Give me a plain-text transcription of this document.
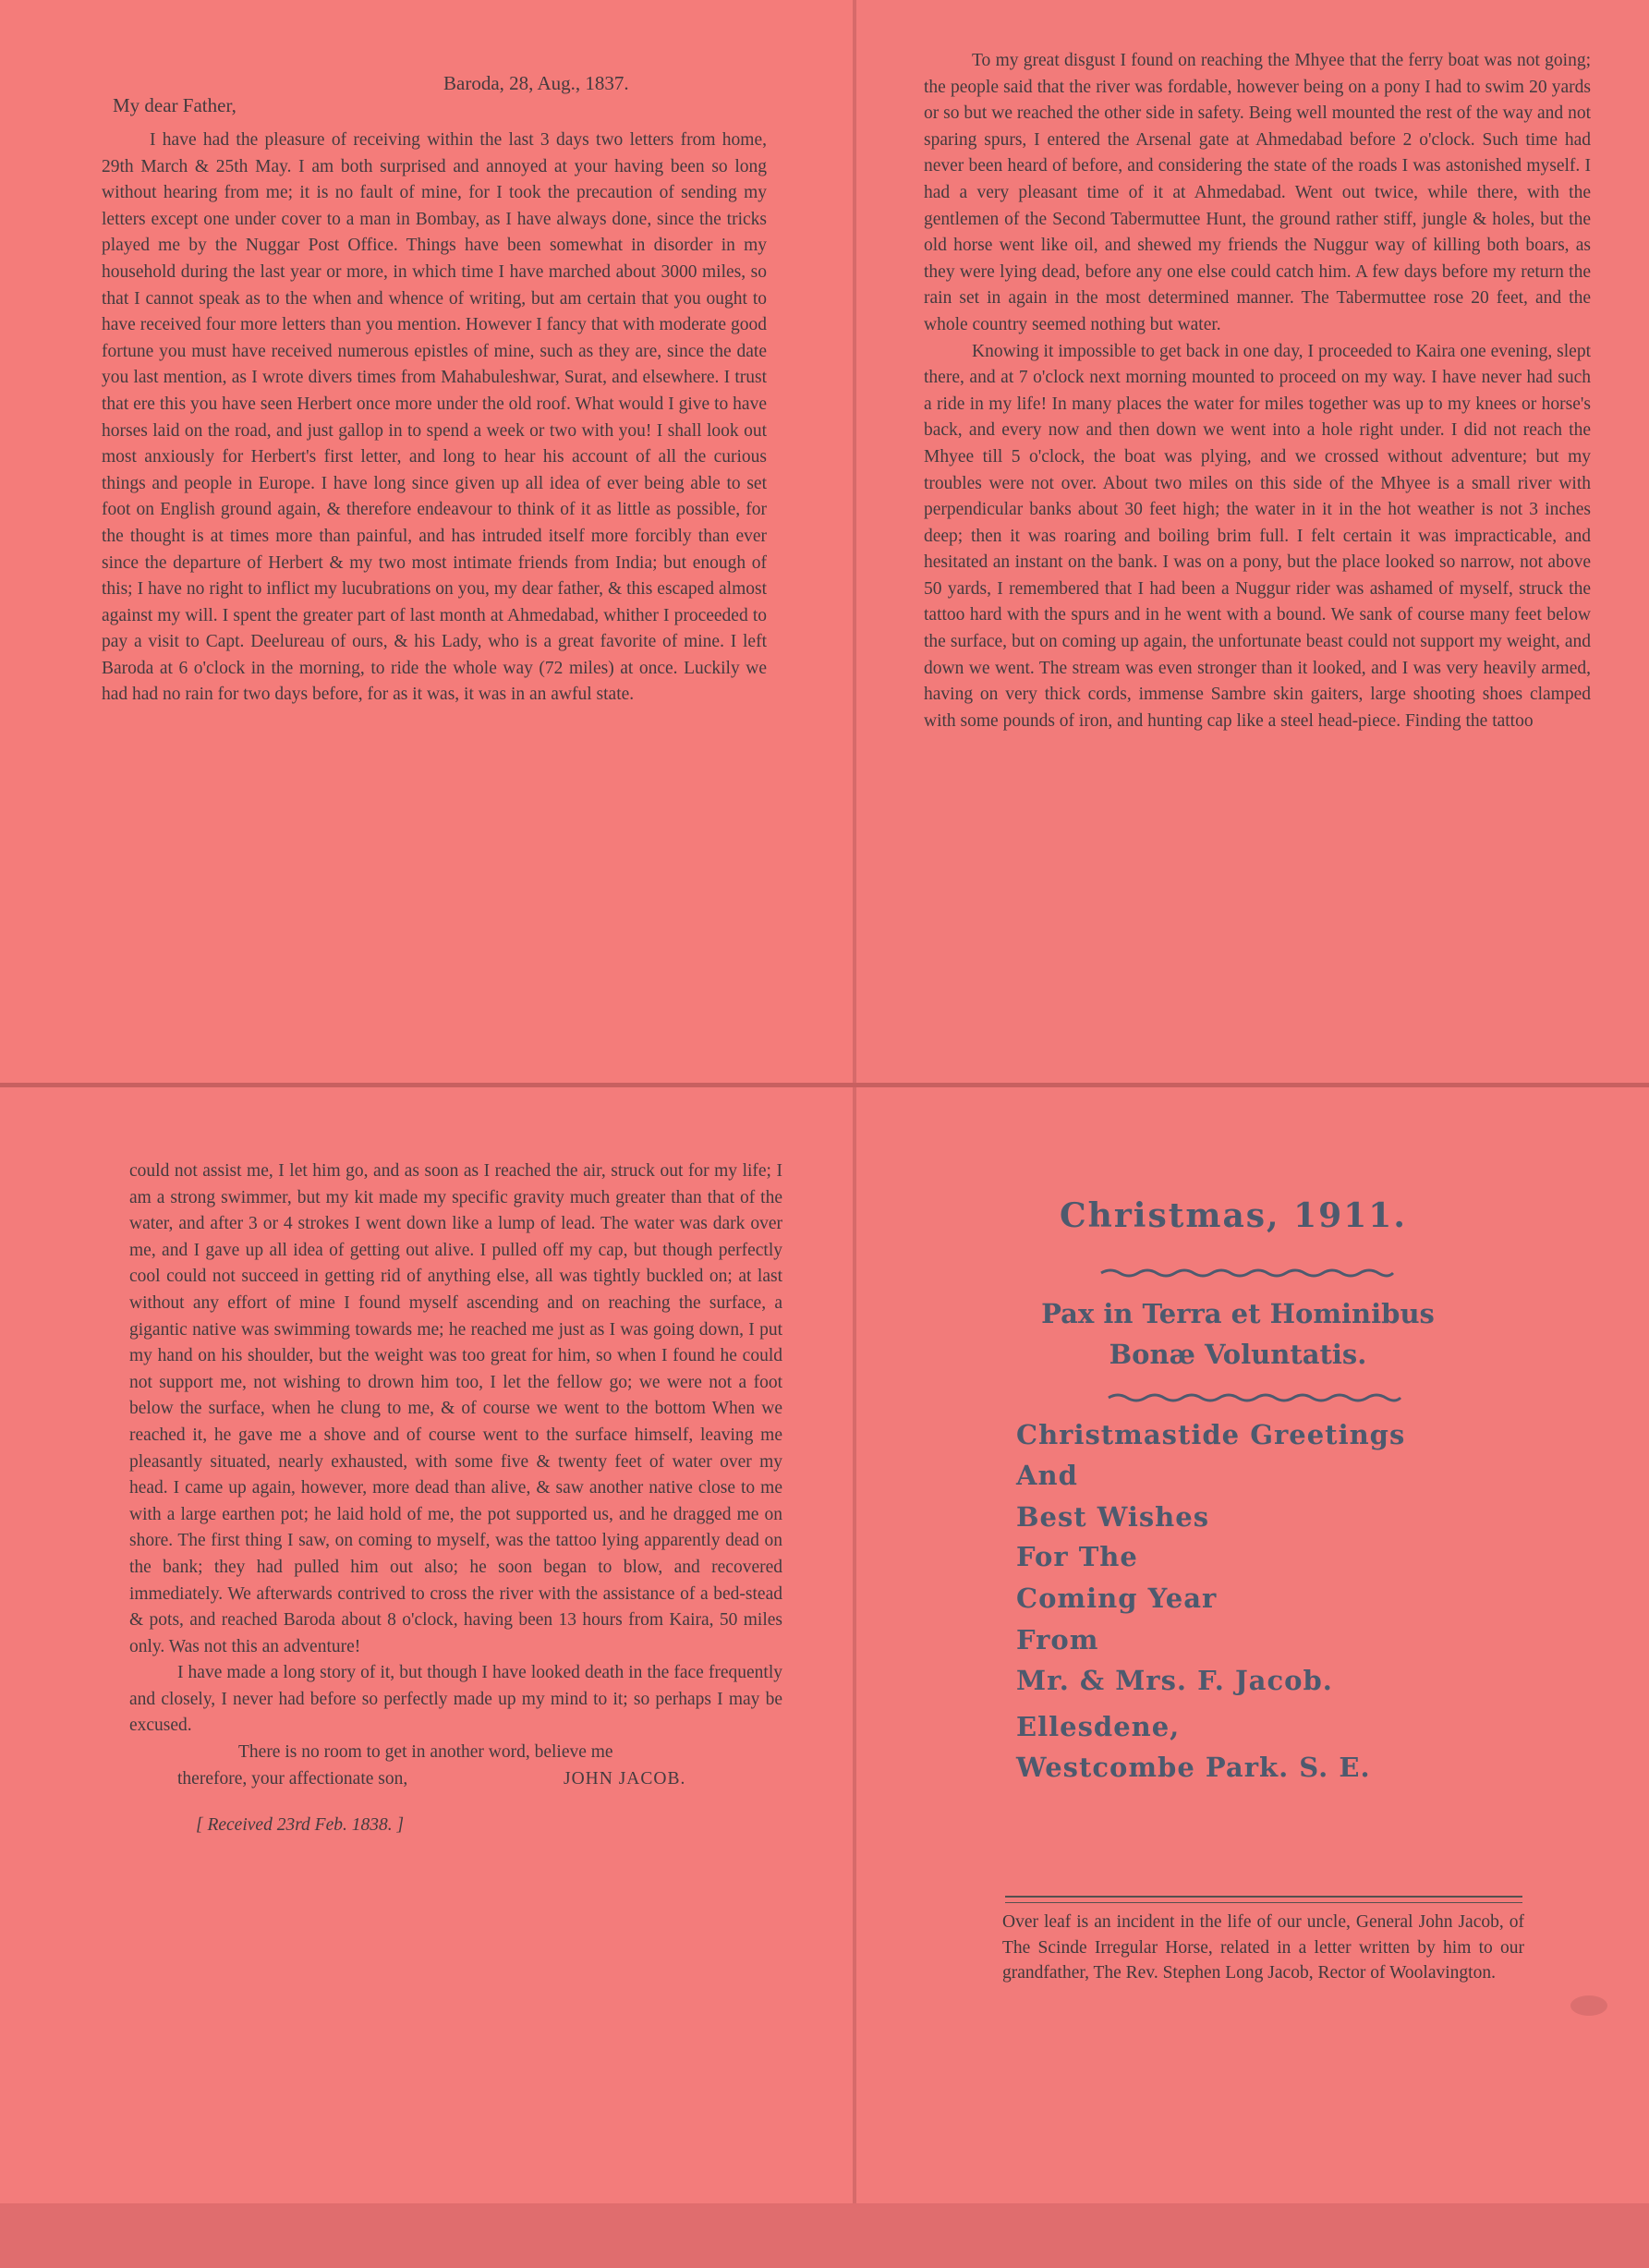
Baroda, 28, Aug., 1837.
My dear Father,

I have had the pleasure of receiving within the last 3 days two letters from home, 29th March & 25th May. I am both surprised and annoyed at your having been so long without hearing from me; it is no fault of mine, for I took the precaution of sending my letters except one under cover to a man in Bombay, as I have always done, since the tricks played me by the Nuggar Post Office. Things have been somewhat in disorder in my household during the last year or more, in which time I have marched about 3000 miles, so that I cannot speak as to the when and whence of writing, but am certain that you ought to have received four more letters than you mention. However I fancy that with moderate good fortune you must have received numerous epistles of mine, such as they are, since the date you last mention, as I wrote divers times from Mahabuleshwar, Surat, and elsewhere. I trust that ere this you have seen Herbert once more under the old roof. What would I give to have horses laid on the road, and just gallop in to spend a week or two with you! I shall look out most anxiously for Herbert's first letter, and long to hear his account of all the curious things and people in Europe. I have long since given up all idea of ever being able to set foot on English ground again, & therefore endeavour to think of it as little as possible, for the thought is at times more than painful, and has intruded itself more forcibly than ever since the departure of Herbert & my two most intimate friends from India; but enough of this; I have no right to inflict my lucubrations on you, my dear father, & this escaped almost against my will. I spent the greater part of last month at Ahmedabad, whither I proceeded to pay a visit to Capt. Deelureau of ours, & his Lady, who is a great favorite of mine. I left Baroda at 6 o'clock in the morning, to ride the whole way (72 miles) at once. Luckily we had had no rain for two days before, for as it was, it was in an awful state.

To my great disgust I found on reaching the Mhyee that the ferry boat was not going; the people said that the river was fordable, however being on a pony I had to swim 20 yards or so but we reached the other side in safety. Being well mounted the rest of the way and not sparing spurs, I entered the Arsenal gate at Ahmedabad before 2 o'clock. Such time had never been heard of before, and considering the state of the roads I was astonished myself. I had a very pleasant time of it at Ahmedabad. Went out twice, while there, with the gentlemen of the Second Tabermuttee Hunt, the ground rather stiff, jungle & holes, but the old horse went like oil, and shewed my friends the Nuggur way of killing both boars, as they were lying dead, before any one else could catch him. A few days before my return the rain set in again in the most determined manner. The Tabermuttee rose 20 feet, and the whole country seemed nothing but water.

Knowing it impossible to get back in one day, I proceeded to Kaira one evening, slept there, and at 7 o'clock next morning mounted to proceed on my way. I have never had such a ride in my life! In many places the water for miles together was up to my knees or horse's back, and every now and then down we went into a hole right under. I did not reach the Mhyee till 5 o'clock, the boat was plying, and we crossed without adventure; but my troubles were not over. About two miles on this side of the Mhyee is a small river with perpendicular banks about 30 feet high; the water in it in the hot weather is not 3 inches deep; then it was roaring and boiling brim full. I felt certain it was impracticable, and hesitated an instant on the bank. I was on a pony, but the place looked so narrow, not above 50 yards, I remembered that I had been a Nuggur rider was ashamed of myself, struck the tattoo hard with the spurs and in he went with a bound. We sank of course many feet below the surface, but on coming up again, the unfortunate beast could not support my weight, and down we went. The stream was even stronger than it looked, and I was very heavily armed, having on very thick cords, immense Sambre skin gaiters, large shooting shoes clamped with some pounds of iron, and hunting cap like a steel head-piece. Finding the tattoo

could not assist me, I let him go, and as soon as I reached the air, struck out for my life; I am a strong swimmer, but my kit made my specific gravity much greater than that of the water, and after 3 or 4 strokes I went down like a lump of lead. The water was dark over me, and I gave up all idea of getting out alive. I pulled off my cap, but though perfectly cool could not succeed in getting rid of anything else, all was tightly buckled on; at last without any effort of mine I found myself ascending and on reaching the surface, a gigantic native was swimming towards me; he reached me just as I was going down, I put my hand on his shoulder, but the weight was too great for him, so when I found he could not support me, not wishing to drown him too, I let the fellow go; we were not a foot below the surface, when he clung to me, & of course we went to the bottom When we reached it, he gave me a shove and of course went to the surface himself, leaving me pleasantly situated, nearly exhausted, with some five & twenty feet of water over my head. I came up again, however, more dead than alive, & saw another native close to me with a large earthen pot; he laid hold of me, the pot supported us, and he dragged me on shore. The first thing I saw, on coming to myself, was the tattoo lying apparently dead on the bank; they had pulled him out also; he soon began to blow, and recovered immediately. We afterwards contrived to cross the river with the assistance of a bed-stead & pots, and reached Baroda about 8 o'clock, having been 13 hours from Kaira, 50 miles only. Was not this an adventure!

I have made a long story of it, but though I have looked death in the face frequently and closely, I never had before so perfectly made up my mind to it; so perhaps I may be excused.

There is no room to get in another word, believe me

therefore, your affectionate son,	JOHN JACOB.

[ Received 23rd Feb. 1838. ]

Christmas, 1911.
Pax in Terra et Hominibus
Bonæ Voluntatis.
Christmastide Greetings
And
Best Wishes
For The
Coming Year
From
Mr. & Mrs. F. Jacob.
Ellesdene,
Westcombe Park. S. E.
Over leaf is an incident in the life of our uncle, General John Jacob, of The Scinde Irregular Horse, related in a letter written by him to our grandfather, The Rev. Stephen Long Jacob, Rector of Woolavington.
